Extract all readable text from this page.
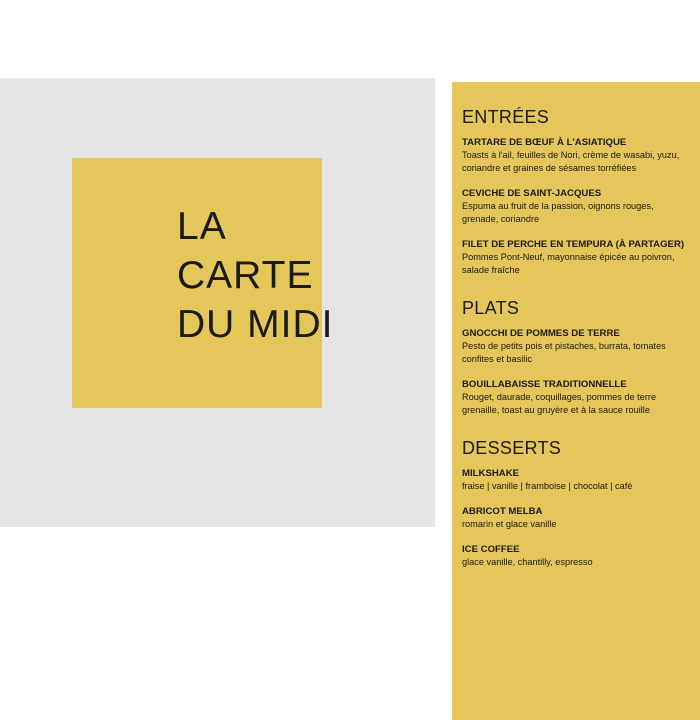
LA
CARTE
DU MIDI
ENTRÉES
TARTARE DE BŒUF À L'ASIATIQUE
Toasts à l'ail, feuilles de Nori, crème de wasabi, yuzu, coriandre et graines de sésames torréfiées
CEVICHE DE SAINT-JACQUES
Espuma au fruit de la passion, oignons rouges, grenade, coriandre
FILET DE PERCHE EN TEMPURA (À PARTAGER)
Pommes Pont-Neuf, mayonnaise épicée au poivron, salade fraîche
PLATS
GNOCCHI DE POMMES DE TERRE
Pesto de petits pois et pistaches, burrata, tomates confites et basilic
BOUILLABAISSE TRADITIONNELLE
Rouget, daurade, coquillages, pommes de terre grenaille, toast au gruyère et à la sauce rouille
DESSERTS
MILKSHAKE
fraise | vanille | framboise | chocolat | café
ABRICOT MELBA
romarin et glace vanille
ICE COFFEE
glace vanille, chantilly, espresso
